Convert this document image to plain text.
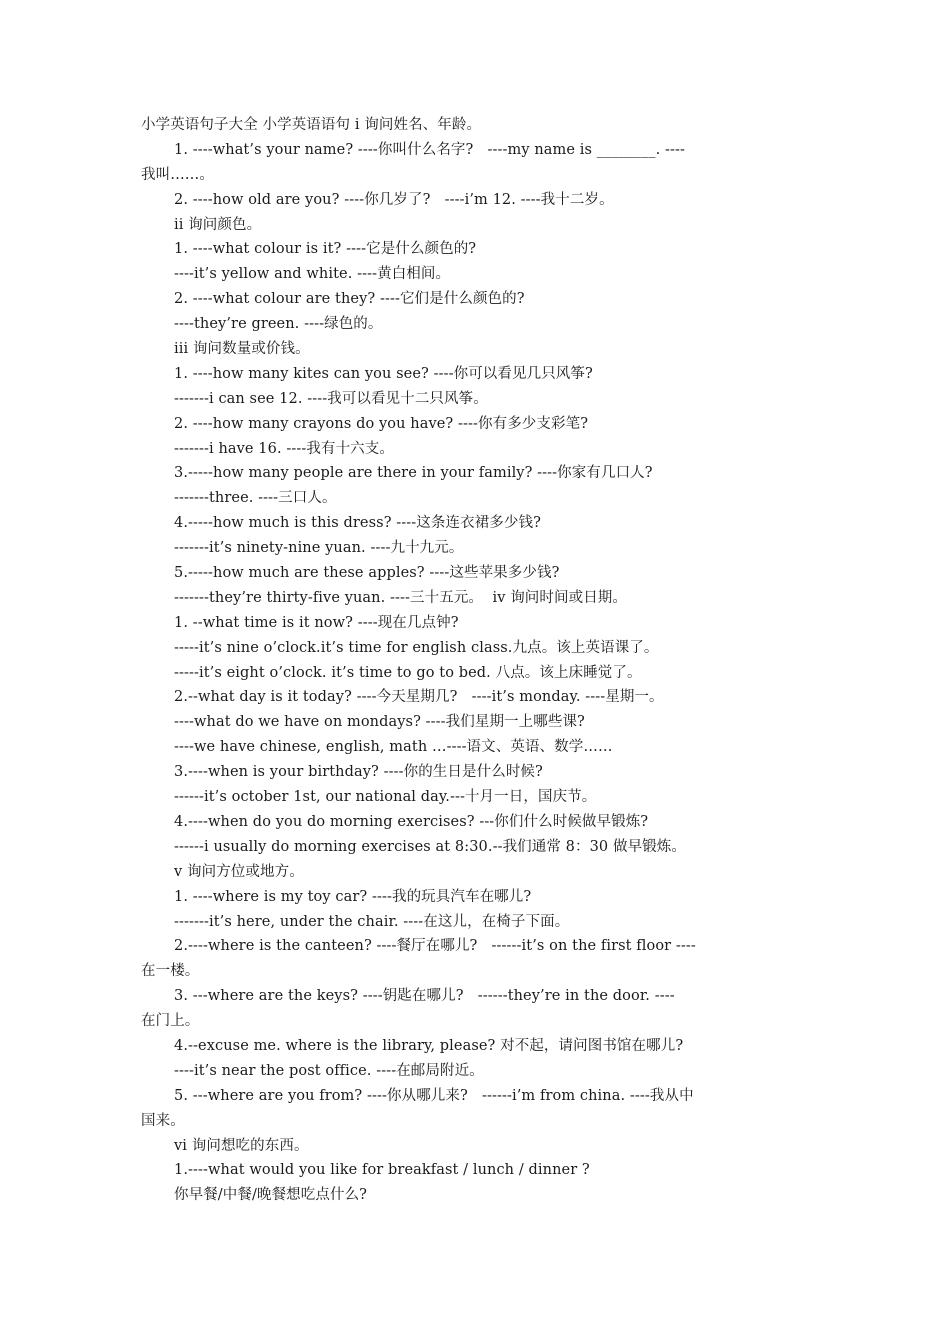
小学英语句子大全 小学英语语句 i 询问姓名、年龄。
1. ----what’s your name? ----你叫什么名字?   ----my name is ________. ----
我叫……。
2. ----how old are you? ----你几岁了?   ----i’m 12. ----我十二岁。
ii 询问颜色。
1. ----what colour is it? ----它是什么颜色的?
----it’s yellow and white. ----黄白相间。
2. ----what colour are they? ----它们是什么颜色的?
----they’re green. ----绿色的。
iii 询问数量或价钱。
1. ----how many kites can you see? ----你可以看见几只风筝?
-------i can see 12. ----我可以看见十二只风筝。
2. ----how many crayons do you have? ----你有多少支彩笔?
-------i have 16. ----我有十六支。
3.-----how many people are there in your family? ----你家有几口人?
-------three. ----三口人。
4.-----how much is this dress? ----这条连衣裙多少钱?
-------it’s ninety-nine yuan. ----九十九元。
5.-----how much are these apples? ----这些苹果多少钱?
-------they’re thirty-five yuan. ----三十五元。  iv 询问时间或日期。
1. --what time is it now? ----现在几点钟?
-----it’s nine o’clock.it’s time for english class.九点。该上英语课了。
-----it’s eight o’clock. it’s time to go to bed. 八点。该上床睡觉了。
2.--what day is it today? ----今天星期几?   ----it’s monday. ----星期一。
----what do we have on mondays? ----我们星期一上哪些课?
----we have chinese, english, math …----语文、英语、数学……
3.----when is your birthday? ----你的生日是什么时候?
------it’s october 1st, our national day.---十月一日，国庆节。
4.----when do you do morning exercises? ---你们什么时候做早锻炼?
------i usually do morning exercises at 8:30.--我们通常 8：30 做早锻炼。
v 询问方位或地方。
1. ----where is my toy car? ----我的玩具汽车在哪儿?
-------it’s here, under the chair. ----在这儿，在椅子下面。
2.----where is the canteen? ----餐厅在哪儿?   ------it’s on the first floor ----
在一楼。
3. ---where are the keys? ----钥匙在哪儿?   ------they’re in the door. ----
在门上。
4.--excuse me. where is the library, please? 对不起，请问图书馆在哪儿?
----it’s near the post office. ----在邮局附近。
5. ---where are you from? ----你从哪儿来?   ------i’m from china. ----我从中
国来。
vi 询问想吃的东西。
1.----what would you like for breakfast / lunch / dinner ?
你早餐/中餐/晚餐想吃点什么?
